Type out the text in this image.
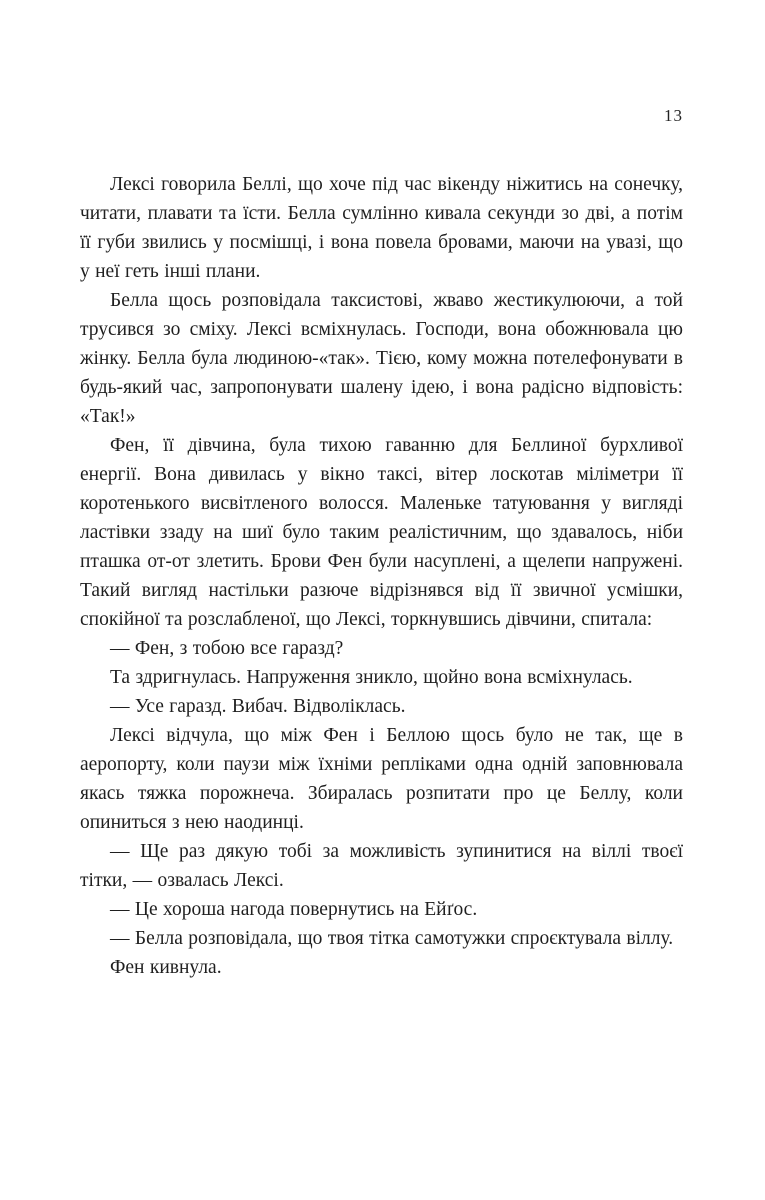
13

Лексі говорила Беллі, що хоче під час вікенду ніжитись на сонечку, читати, плавати та їсти. Белла сумлінно кивала секунди зо дві, а потім її губи звились у посмішці, і вона повела бровами, маючи на увазі, що у неї геть інші плани.

Белла щось розповідала таксистові, жваво жестикулюючи, а той трусився зо сміху. Лексі всміхнулась. Господи, вона обожнювала цю жінку. Белла була людиною-«так». Тією, кому можна потелефонувати в будь-який час, запропонувати шалену ідею, і вона радісно відповість: «Так!»

Фен, її дівчина, була тихою гаванню для Беллиної бурхливої енергії. Вона дивилась у вікно таксі, вітер лоскотав міліметри її коротенького висвітленого волосся. Маленьке татуювання у вигляді ластівки ззаду на шиї було таким реалістичним, що здавалось, ніби пташка от-от злетить. Брови Фен були насуплені, а щелепи напружені. Такий вигляд настільки разюче відрізнявся від її звичної усмішки, спокійної та розслабленої, що Лексі, торкнувшись дівчини, спитала:

— Фен, з тобою все гаразд?

Та здригнулась. Напруження зникло, щойно вона всміхнулась.

— Усе гаразд. Вибач. Відволіклась.

Лексі відчула, що між Фен і Беллою щось було не так, ще в аеропорту, коли паузи між їхніми репліками одна одній заповнювала якась тяжка порожнеча. Збиралась розпитати про це Беллу, коли опиниться з нею наодинці.

— Ще раз дякую тобі за можливість зупинитися на віллі твоєї тітки, — озвалась Лексі.

— Це хороша нагода повернутись на Ейґос.

— Белла розповідала, що твоя тітка самотужки спроєктувала віллу.

Фен кивнула.
